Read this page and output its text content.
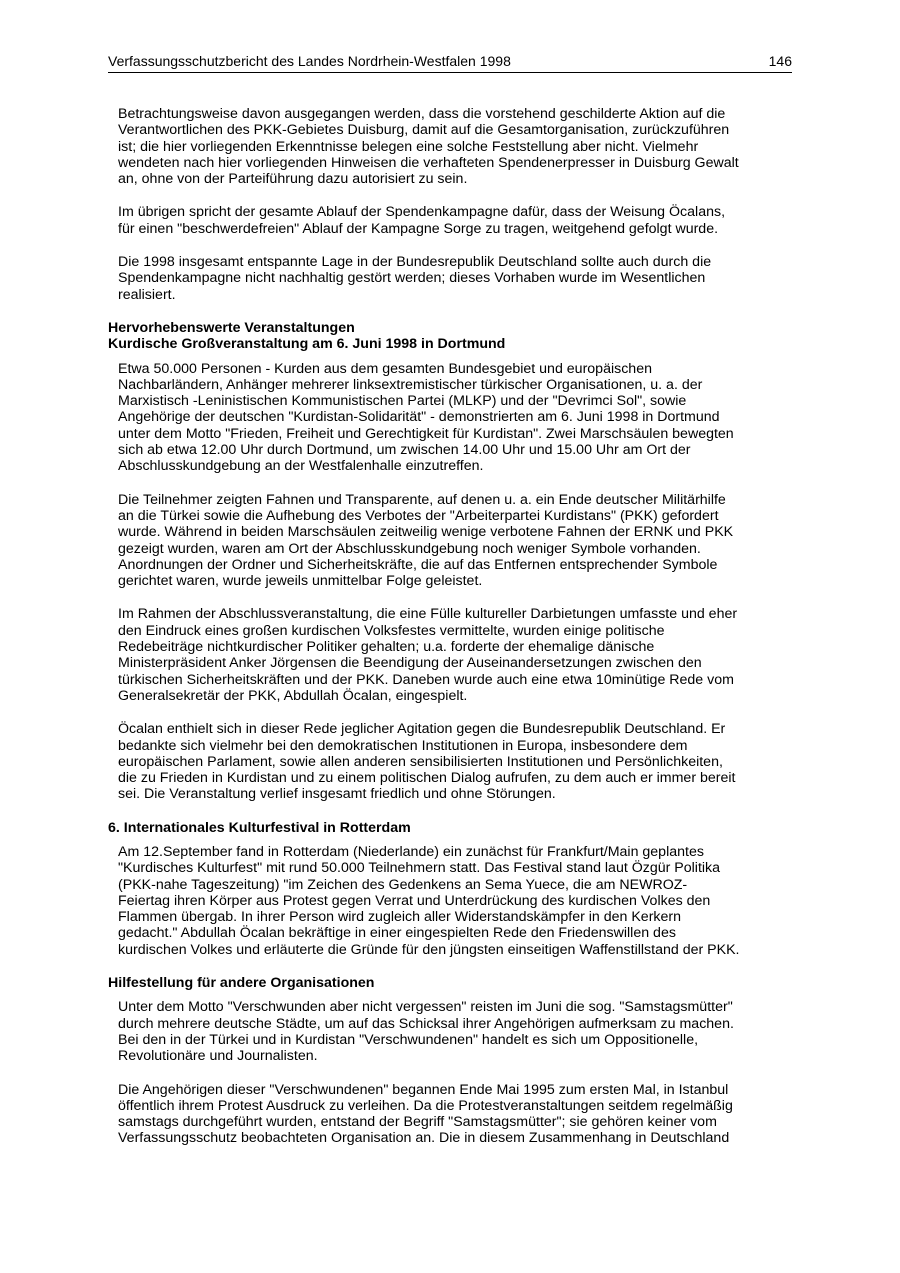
Verfassungsschutzbericht des Landes Nordrhein-Westfalen 1998	146
Betrachtungsweise davon ausgegangen werden, dass die vorstehend geschilderte Aktion auf die
Verantwortlichen des PKK-Gebietes Duisburg, damit auf die Gesamtorganisation, zurückzuführen
ist; die hier vorliegenden Erkenntnisse belegen eine solche Feststellung aber nicht. Vielmehr
wendeten nach hier vorliegenden Hinweisen die verhafteten Spendenerpresser in Duisburg Gewalt
an, ohne von der Parteiführung dazu autorisiert zu sein.
Im übrigen spricht der gesamte Ablauf der Spendenkampagne dafür, dass der Weisung Öcalans,
für einen "beschwerdefreien" Ablauf der Kampagne Sorge zu tragen, weitgehend gefolgt wurde.
Die 1998 insgesamt entspannte Lage in der Bundesrepublik Deutschland sollte auch durch die
Spendenkampagne nicht nachhaltig gestört werden; dieses Vorhaben wurde im Wesentlichen
realisiert.
Hervorhebenswerte Veranstaltungen
Kurdische Großveranstaltung am 6. Juni 1998 in Dortmund
Etwa 50.000 Personen - Kurden aus dem gesamten Bundesgebiet und europäischen
Nachbarländern, Anhänger mehrerer linksextremistischer türkischer Organisationen, u. a. der
Marxistisch -Leninistischen Kommunistischen Partei (MLKP) und der "Devrimci Sol", sowie
Angehörige der deutschen "Kurdistan-Solidarität" - demonstrierten am 6. Juni 1998 in Dortmund
unter dem Motto "Frieden, Freiheit und Gerechtigkeit für Kurdistan". Zwei Marschsäulen bewegten
sich ab etwa 12.00 Uhr durch Dortmund, um zwischen 14.00 Uhr und 15.00 Uhr am Ort der
Abschlusskundgebung an der Westfalenhalle einzutreffen.
Die Teilnehmer zeigten Fahnen und Transparente, auf denen u. a. ein Ende deutscher Militärhilfe
an die Türkei sowie die Aufhebung des Verbotes der "Arbeiterpartei Kurdistans" (PKK) gefordert
wurde. Während in beiden Marschsäulen zeitweilig wenige verbotene Fahnen der ERNK und PKK
gezeigt wurden, waren am Ort der Abschlusskundgebung noch weniger Symbole vorhanden.
Anordnungen der Ordner und Sicherheitskräfte, die auf das Entfernen entsprechender Symbole
gerichtet waren, wurde jeweils unmittelbar Folge geleistet.
Im Rahmen der Abschlussveranstaltung, die eine Fülle kultureller Darbietungen umfasste und eher
den Eindruck eines großen kurdischen Volksfestes vermittelte, wurden einige politische
Redebeiträge nichtkurdischer Politiker gehalten; u.a. forderte der ehemalige dänische
Ministerpräsident Anker Jörgensen die Beendigung der Auseinandersetzungen zwischen den
türkischen Sicherheitskräften und der PKK. Daneben wurde auch eine etwa 10minütige Rede vom
Generalsekretär der PKK, Abdullah Öcalan, eingespielt.
Öcalan enthielt sich in dieser Rede jeglicher Agitation gegen die Bundesrepublik Deutschland. Er
bedankte sich vielmehr bei den demokratischen Institutionen in Europa, insbesondere dem
europäischen Parlament, sowie allen anderen sensibilisierten Institutionen und Persönlichkeiten,
die zu Frieden in Kurdistan und zu einem politischen Dialog aufrufen, zu dem auch er immer bereit
sei. Die Veranstaltung verlief insgesamt friedlich und ohne Störungen.
6. Internationales Kulturfestival in Rotterdam
Am 12.September fand in Rotterdam (Niederlande) ein zunächst für Frankfurt/Main geplantes
"Kurdisches Kulturfest" mit rund 50.000 Teilnehmern statt. Das Festival stand laut Özgür Politika
(PKK-nahe Tageszeitung) "im Zeichen des Gedenkens an Sema Yuece, die am NEWROZ-
Feiertag ihren Körper aus Protest gegen Verrat und Unterdrückung des kurdischen Volkes den
Flammen übergab. In ihrer Person wird zugleich aller Widerstandskämpfer in den Kerkern
gedacht." Abdullah Öcalan bekräftige in einer eingespielten Rede den Friedenswillen des
kurdischen Volkes und erläuterte die Gründe für den jüngsten einseitigen Waffenstillstand der PKK.
Hilfestellung für andere Organisationen
Unter dem Motto "Verschwunden aber nicht vergessen" reisten im Juni die sog. "Samstagsmütter"
durch mehrere deutsche Städte, um auf das Schicksal ihrer Angehörigen aufmerksam zu machen.
Bei den in der Türkei und in Kurdistan "Verschwundenen" handelt es sich um Oppositionelle,
Revolutionäre und Journalisten.
Die Angehörigen dieser "Verschwundenen" begannen Ende Mai 1995 zum ersten Mal, in Istanbul
öffentlich ihrem Protest Ausdruck zu verleihen. Da die Protestveranstaltungen seitdem regelmäßig
samstags durchgeführt wurden, entstand der Begriff "Samstagsmütter"; sie gehören keiner vom
Verfassungsschutz beobachteten Organisation an. Die in diesem Zusammenhang in Deutschland
